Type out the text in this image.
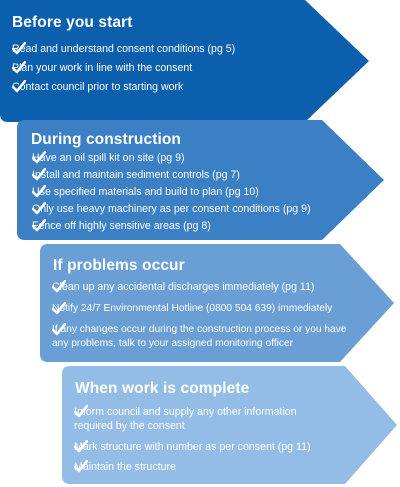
Before you start
Read and understand consent conditions (pg 5)
Plan your work in line with the consent
Contact council prior to starting work
During construction
Have an oil spill kit on site (pg 9)
Install and maintain sediment controls (pg 7)
Use specified materials and build to plan (pg 10)
Only use heavy machinery as per consent conditions (pg 9)
Fence off highly sensitive areas (pg 8)
If problems occur
Clean up any accidental discharges immediately (pg 11)
Notify 24/7 Environmental Hotline (0800 504 639) immediately
If any changes occur during the construction process or you have any problems, talk to your assigned monitoring officer
When work is complete
Inform council and supply any other information required by the consent
Mark structure with number as per consent (pg 11)
Maintain the structure
